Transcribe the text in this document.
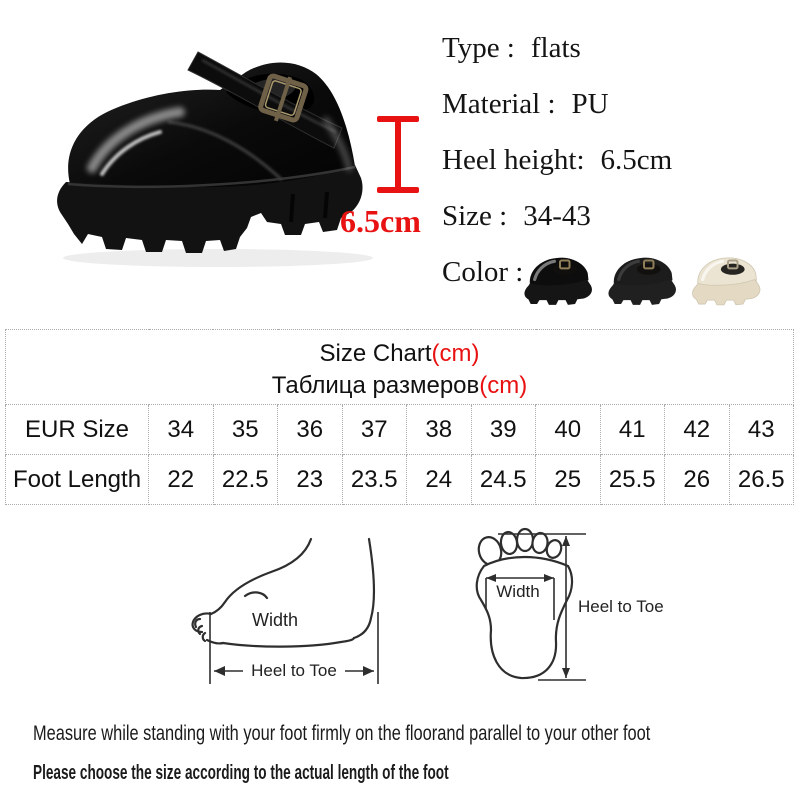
6.5cm
Type : flats
Material : PU
Heel height: 6.5cm
Size : 34-43
Color :
Size Chart(cm)
Таблица размеров(cm)										

EUR Size	34	35	36	37	38	39	40	41	42	43
Foot Length	22	22.5	23	23.5	24	24.5	25	25.5	26	26.5
Width
Heel to Toe
Width
Heel to Toe
Measure while standing with your foot firmly on the floorand parallel to your other foot
Please choose the size according to the actual length of the foot
